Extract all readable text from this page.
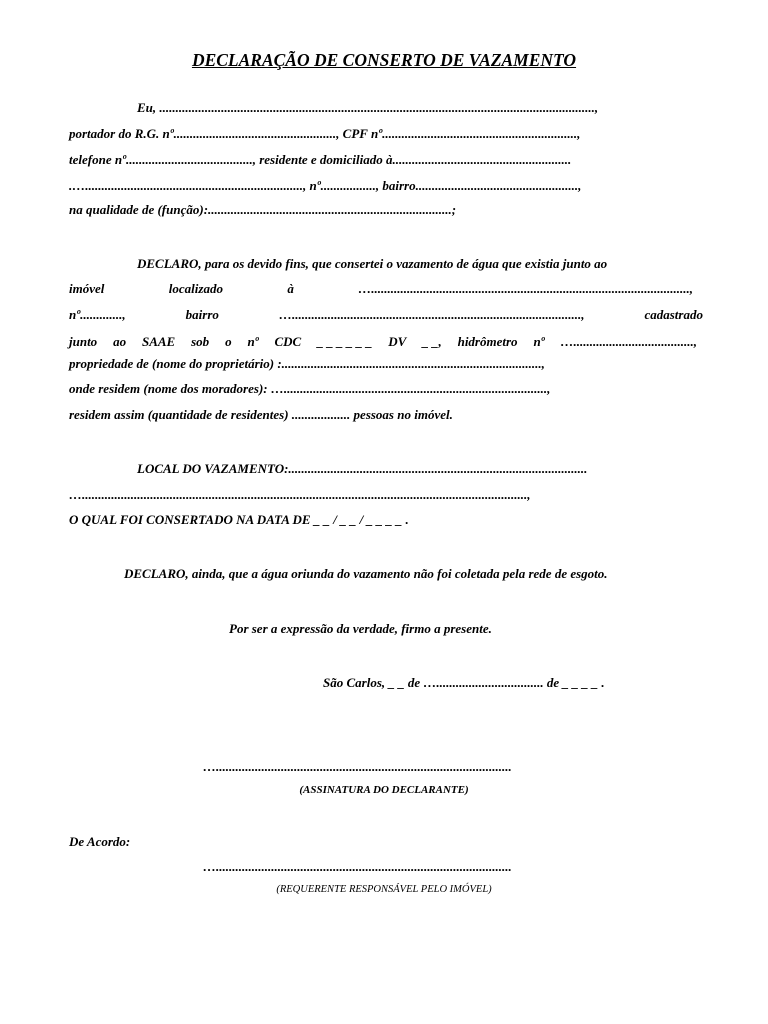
DECLARAÇÃO DE CONSERTO DE VAZAMENTO
Eu, ......................................................................................................................................,
portador do R.G. nº.................................................., CPF nº............................................................,
telefone nº......................................., residente e domiciliado à.......................................................
.…..................................................................., nº................., bairro..................................................,
na qualidade de (função):...........................................................................;
DECLARO, para os devido fins, que consertei o vazamento de água que existia junto ao
imóvel	localizado	à	…..................................................................................................,
nº.............,	bairro	….........................................................................................,	cadastrado
junto ao SAAE sob o nº CDC _ _ _ _ _ _ DV _ _, hidrômetro nº ….....................................,
propriedade de (nome do proprietário) :................................................................................,
onde residem (nome dos moradores): ….................................................................................,
residem assim (quantidade de residentes) .................. pessoas no imóvel.
LOCAL DO VAZAMENTO:............................................................................................
….........................................................................................................................................,
O QUAL FOI CONSERTADO NA DATA DE _ _ / _ _ / _ _ _ _ .
DECLARO, ainda, que a água oriunda do vazamento não foi coletada pela rede de esgoto.
Por ser a expressão da verdade, firmo a presente.
São Carlos, _ _ de …................................. de _ _ _ _ .
…...........................................................................................
(ASSINATURA DO DECLARANTE)
De Acordo:
…...........................................................................................
(REQUERENTE RESPONSÁVEL PELO IMÓVEL)
